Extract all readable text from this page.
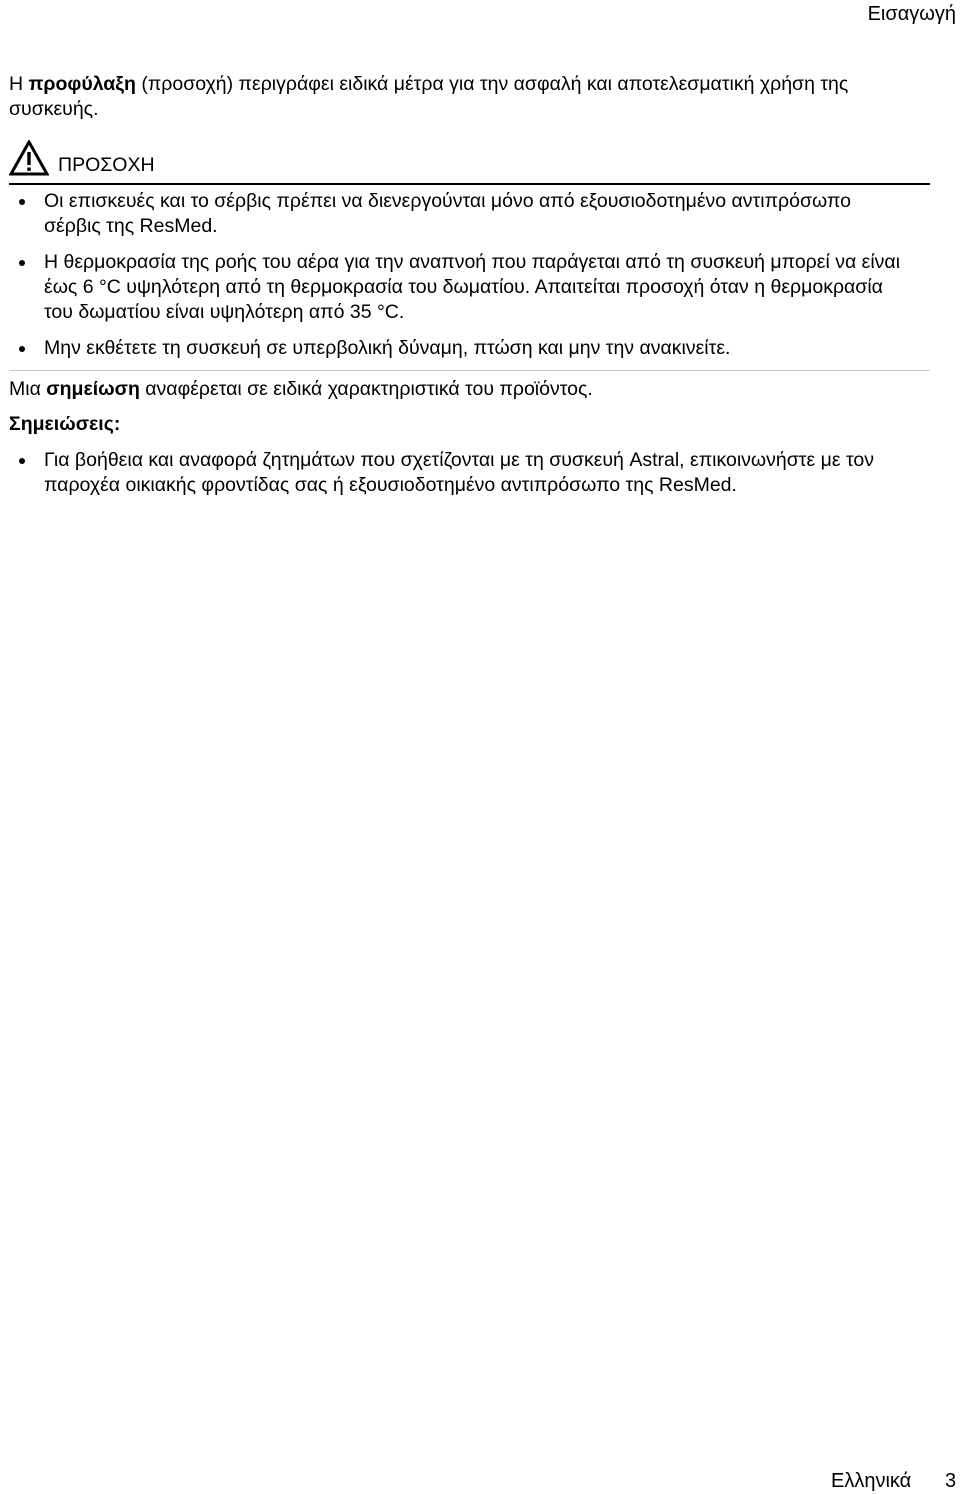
Εισαγωγή
Η προφύλαξη (προσοχή) περιγράφει ειδικά μέτρα για την ασφαλή και αποτελεσματική χρήση της συσκευής.
ΠΡΟΣΟΧΗ
Οι επισκευές και το σέρβις πρέπει να διενεργούνται μόνο από εξουσιοδοτημένο αντιπρόσωπο σέρβις της ResMed.
Η θερμοκρασία της ροής του αέρα για την αναπνοή που παράγεται από τη συσκευή μπορεί να είναι έως 6 °C υψηλότερη από τη θερμοκρασία του δωματίου. Απαιτείται προσοχή όταν η θερμοκρασία του δωματίου είναι υψηλότερη από 35 °C.
Μην εκθέτετε τη συσκευή σε υπερβολική δύναμη, πτώση και μην την ανακινείτε.
Μια σημείωση αναφέρεται σε ειδικά χαρακτηριστικά του προϊόντος.
Σημειώσεις:
Για βοήθεια και αναφορά ζητημάτων που σχετίζονται με τη συσκευή Astral, επικοινωνήστε με τον παροχέα οικιακής φροντίδας σας ή εξουσιοδοτημένο αντιπρόσωπο της ResMed.
Ελληνικά 3
